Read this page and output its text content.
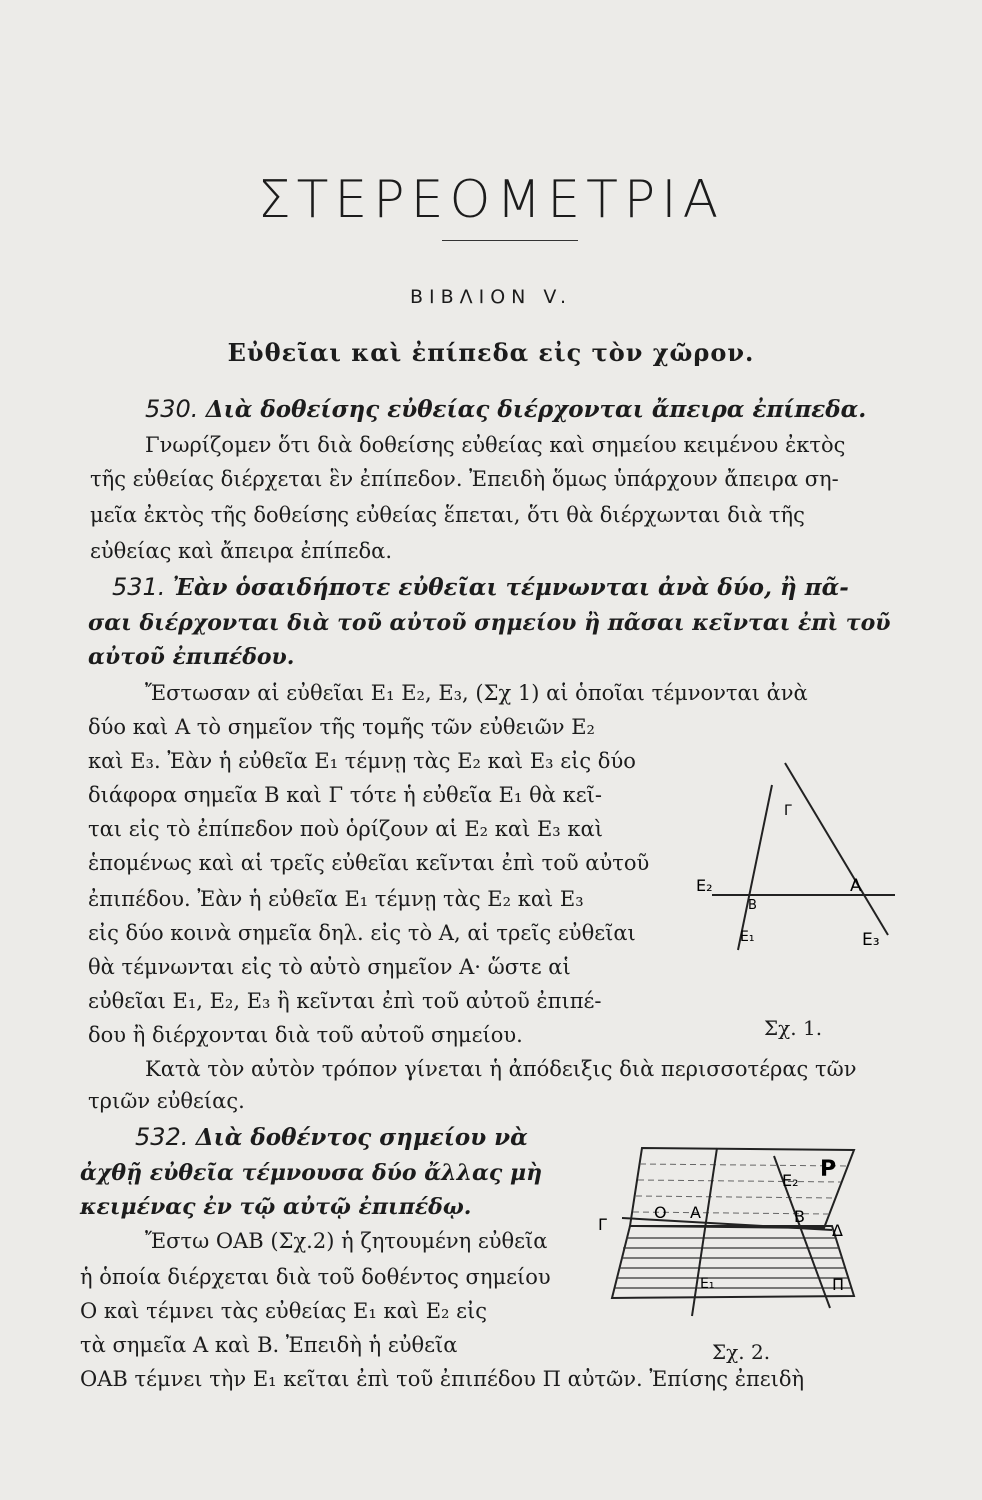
ΣΤΕΡΕΟΜΕΤΡΙΑ
ΒΙΒΛΙΟΝ V.
Εὐθεῖαι καὶ ἐπίπεδα εἰς τὸν χῶρον.
530. Διὰ δοθείσης εὐθείας διέρχονται ἄπειρα ἐπίπεδα.
Γνωρίζομεν ὅτι διὰ δοθείσης εὐθείας καὶ σημείου κειμένου ἐκτὸς
τῆς εὐθείας διέρχεται ἓν ἐπίπεδον. Ἐπειδὴ ὅμως ὑπάρχουν ἄπειρα ση-
μεῖα ἐκτὸς τῆς δοθείσης εὐθείας ἕπεται, ὅτι θὰ διέρχωνται διὰ τῆς
εὐθείας καὶ ἄπειρα ἐπίπεδα.
531. Ἐὰν ὁσαιδήποτε εὐθεῖαι τέμνωνται ἀνὰ δύο, ἢ πᾶ-
σαι διέρχονται διὰ τοῦ αὐτοῦ σημείου ἢ πᾶσαι κεῖνται ἐπὶ τοῦ
αὐτοῦ ἐπιπέδου.
Ἔστωσαν αἱ εὐθεῖαι Ε₁ Ε₂, Ε₃, (Σχ 1) αἱ ὁποῖαι τέμνονται ἀνὰ
δύο καὶ Α τὸ σημεῖον τῆς τομῆς τῶν εὐθειῶν Ε₂
καὶ Ε₃. Ἐὰν ἡ εὐθεῖα Ε₁ τέμνῃ τὰς Ε₂ καὶ Ε₃ εἰς δύο
διάφορα σημεῖα Β καὶ Γ τότε ἡ εὐθεῖα Ε₁ θὰ κεῖ-
ται εἰς τὸ ἐπίπεδον ποὺ ὁρίζουν αἱ Ε₂ καὶ Ε₃ καὶ
ἑπομένως καὶ αἱ τρεῖς εὐθεῖαι κεῖνται ἐπὶ τοῦ αὐτοῦ
ἐπιπέδου. Ἐὰν ἡ εὐθεῖα Ε₁ τέμνῃ τὰς Ε₂ καὶ Ε₃
εἰς δύο κοινὰ σημεῖα δηλ. εἰς τὸ Α, αἱ τρεῖς εὐθεῖαι
θὰ τέμνωνται εἰς τὸ αὐτὸ σημεῖον Α· ὥστε αἱ
εὐθεῖαι Ε₁, Ε₂, Ε₃ ἢ κεῖνται ἐπὶ τοῦ αὐτοῦ ἐπιπέ-
δου ἢ διέρχονται διὰ τοῦ αὐτοῦ σημείου.
Κατὰ τὸν αὐτὸν τρόπον γίνεται ἡ ἀπόδειξις διὰ περισσοτέρας τῶν
τριῶν εὐθείας.
Γ
Ε₂	Α
Β
Ε₁	Ε₃
Σχ. 1.
532. Διὰ δοθέντος σημείου νὰ
ἀχθῇ εὐθεῖα τέμνουσα δύο ἄλλας μὴ
κειμένας ἐν τῷ αὐτῷ ἐπιπέδῳ.
Ἔστω ΟΑΒ (Σχ.2) ἡ ζητουμένη εὐθεῖα
ἡ ὁποία διέρχεται διὰ τοῦ δοθέντος σημείου
Ο καὶ τέμνει τὰς εὐθείας Ε₁ καὶ Ε₂ εἰς
τὰ σημεῖα Α καὶ Β. Ἐπειδὴ ἡ εὐθεῖα
ΟΑΒ τέμνει τὴν Ε₁ κεῖται ἐπὶ τοῦ ἐπιπέδου Π αὐτῶν. Ἐπίσης ἐπειδὴ
Ρ
Ε₂
Γ
Ο Α	Β
Δ
Ε₁	Π
Σχ. 2.
